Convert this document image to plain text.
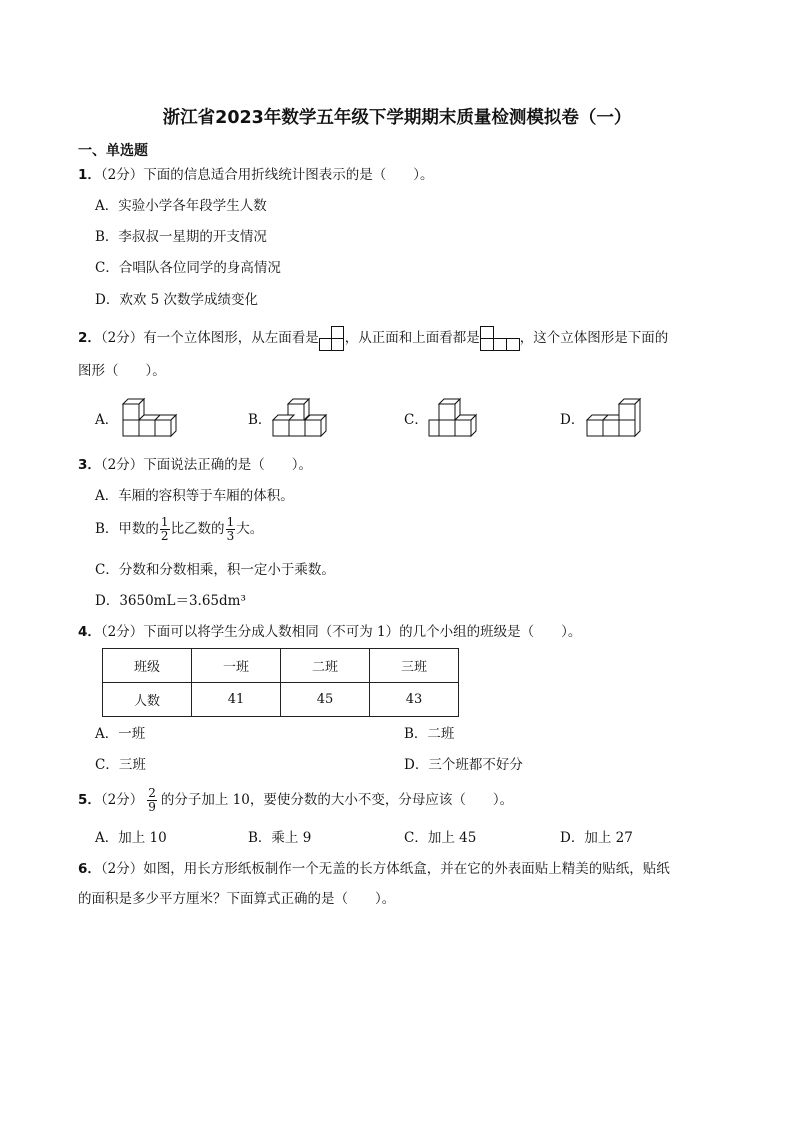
浙江省2023年数学五年级下学期期末质量检测模拟卷（一）
一、单选题
1．（2分）下面的信息适合用折线统计图表示的是（　　）。
A．实验小学各年段学生人数
B．李叔叔一星期的开支情况
C．合唱队各位同学的身高情况
D．欢欢 5 次数学成绩变化
2．（2分）有一个立体图形，从左面看是 ，从正面和上面看都是	，这个立体图形是下面的
图形（　　）。
A．	B．	C．	D．
3．（2分）下面说法正确的是（　　）。
A．车厢的容积等于车厢的体积。
B．甲数的 $\frac{1}{2}$ 比乙数的 $\frac{1}{3}$ 大。
C．分数和分数相乘，积一定小于乘数。
D．3650mL＝3.65dm³
4．（2分）下面可以将学生分成人数相同（不可为 1）的几个小组的班级是（　　）。
班级	一班	二班	三班
人数	41	45	43
A．一班	B．二班
C．三班	D．三个班都不好分
5．（2分） $\frac{2}{9}$ 的分子加上 10，要使分数的大小不变，分母应该（　　）。
A．加上 10	B．乘上 9	C．加上 45	D．加上 27
6．（2分）如图，用长方形纸板制作一个无盖的长方体纸盒，并在它的外表面贴上精美的贴纸，贴纸
的面积是多少平方厘米？下面算式正确的是（　　）。
